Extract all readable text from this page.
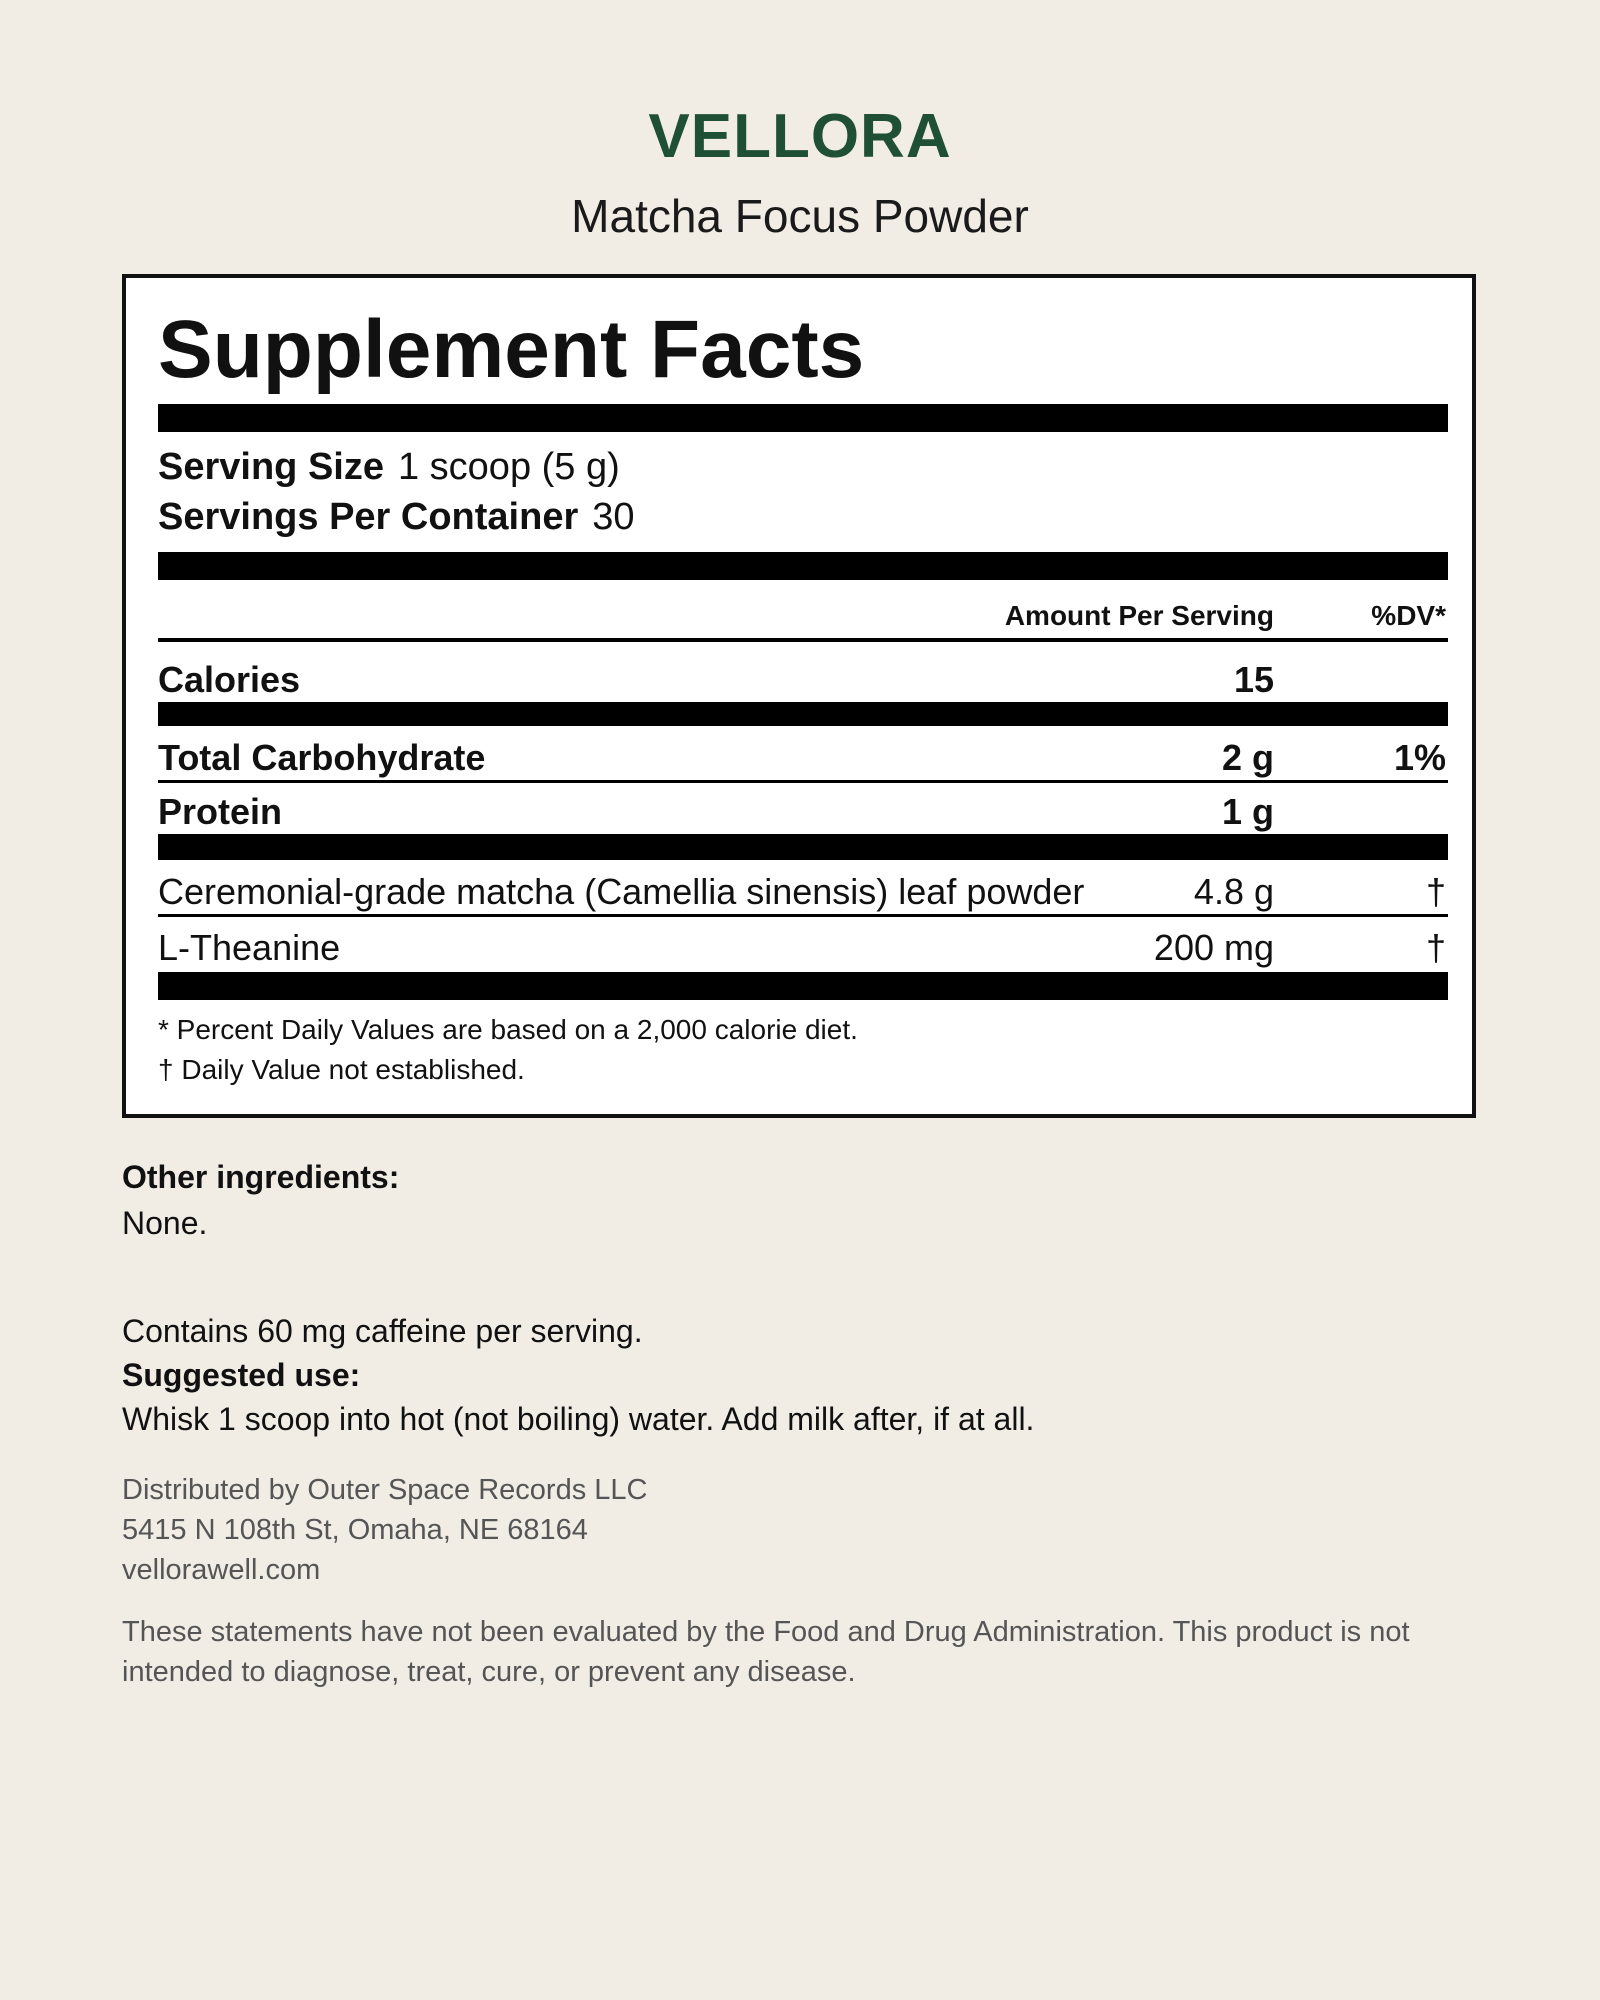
VELLORA
Matcha Focus Powder
Supplement Facts
Serving Size 1 scoop (5 g)
Servings Per Container 30
Amount Per Serving	%DV*
Calories	15
Total Carbohydrate	2 g	1%
Protein	1 g
Ceremonial-grade matcha (Camellia sinensis) leaf powder	4.8 g	†
L-Theanine	200 mg	†
* Percent Daily Values are based on a 2,000 calorie diet.
† Daily Value not established.
Other ingredients:
None.
Contains 60 mg caffeine per serving.
Suggested use:
Whisk 1 scoop into hot (not boiling) water. Add milk after, if at all.
Distributed by Outer Space Records LLC
5415 N 108th St, Omaha, NE 68164
vellorawell.com
These statements have not been evaluated by the Food and Drug Administration. This product is not intended to diagnose, treat, cure, or prevent any disease.
